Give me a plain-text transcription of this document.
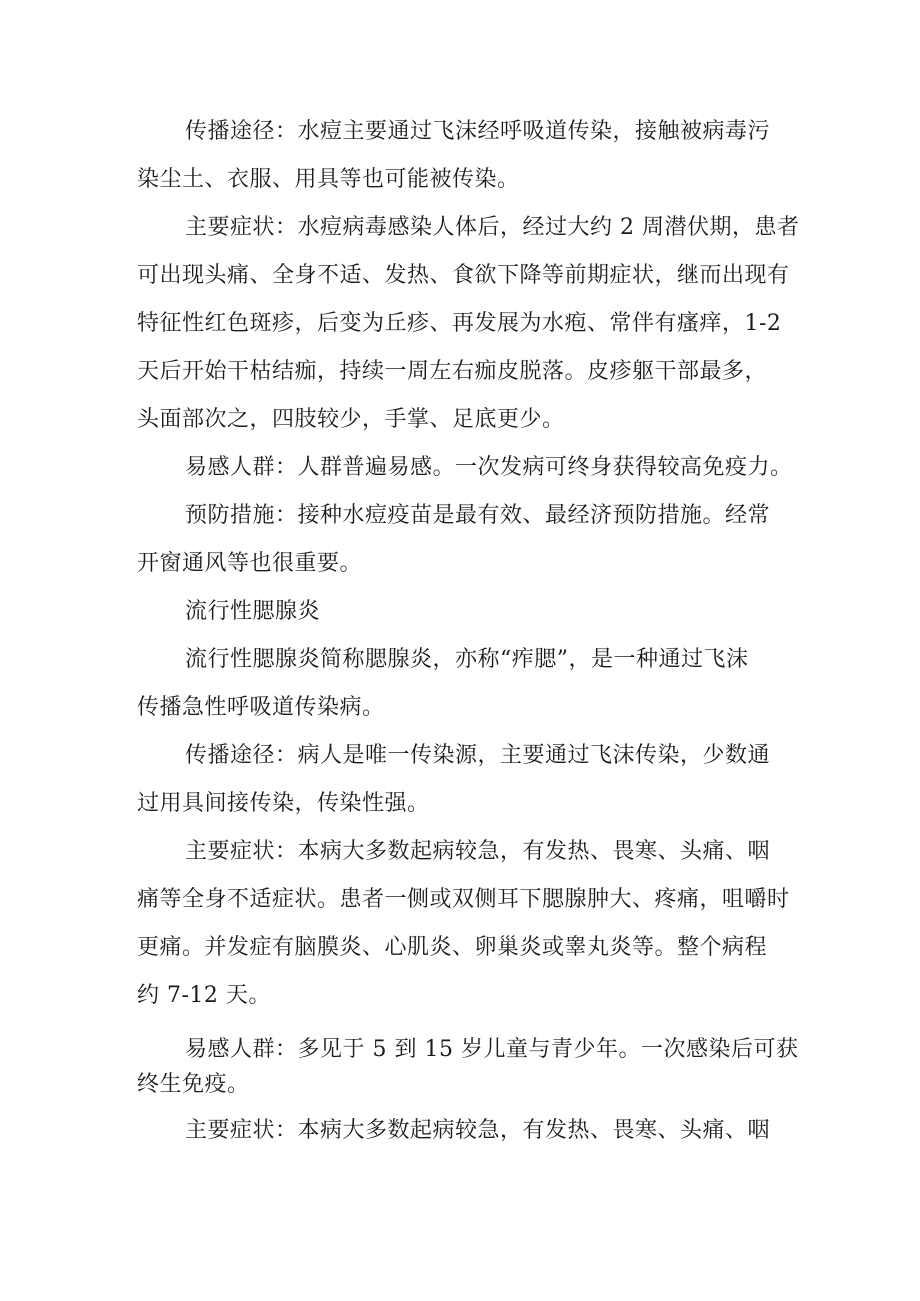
传播途径：水痘主要通过飞沫经呼吸道传染，接触被病毒污

染尘土、衣服、用具等也可能被传染。

主要症状：水痘病毒感染人体后，经过大约 2 周潜伏期，患者

可出现头痛、全身不适、发热、食欲下降等前期症状，继而出现有

特征性红色斑疹，后变为丘疹、再发展为水疱、常伴有瘙痒，1-2

天后开始干枯结痂，持续一周左右痂皮脱落。皮疹躯干部最多，

头面部次之，四肢较少，手掌、足底更少。

易感人群：人群普遍易感。一次发病可终身获得较高免疫力。

预防措施：接种水痘疫苗是最有效、最经济预防措施。经常

开窗通风等也很重要。

流行性腮腺炎

流行性腮腺炎简称腮腺炎，亦称“痄腮”，是一种通过飞沫

传播急性呼吸道传染病。

传播途径：病人是唯一传染源，主要通过飞沫传染，少数通

过用具间接传染，传染性强。

主要症状：本病大多数起病较急，有发热、畏寒、头痛、咽

痛等全身不适症状。患者一侧或双侧耳下腮腺肿大、疼痛，咀嚼时

更痛。并发症有脑膜炎、心肌炎、卵巢炎或睾丸炎等。整个病程

约 7-12 天。

易感人群：多见于 5 到 15 岁儿童与青少年。一次感染后可获

终生免疫。

主要症状：本病大多数起病较急，有发热、畏寒、头痛、咽
